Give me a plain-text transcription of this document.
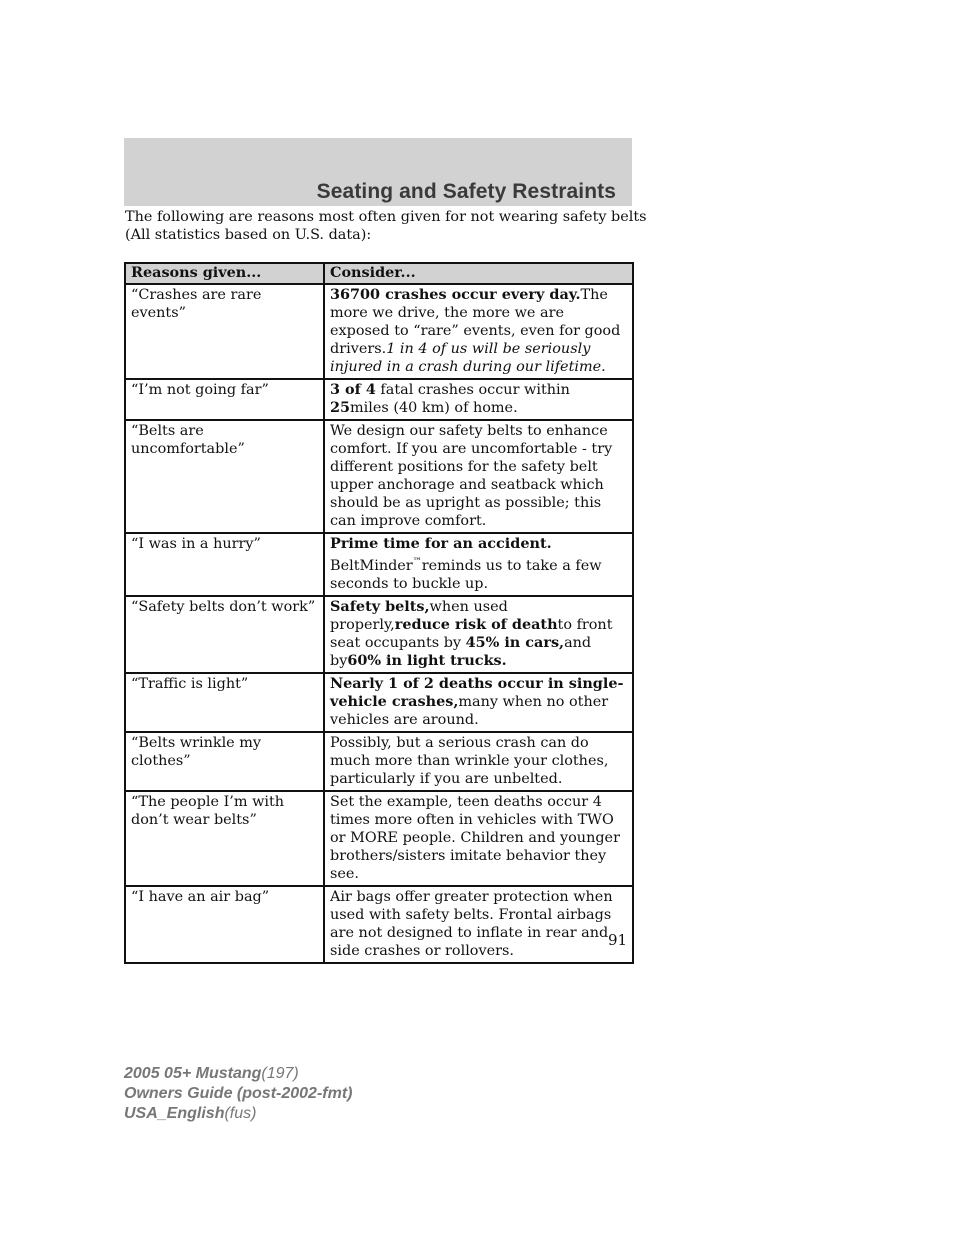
Seating and Safety Restraints

The following are reasons most often given for not wearing safety belts
(All statistics based on U.S. data):

Reasons given...	Consider...
“Crashes are rare events”	36700 crashes occur every day.The more we drive, the more we are exposed to “rare” events, even for good drivers.1 in 4 of us will be seriously injured in a crash during our lifetime.
“I’m not going far”	3 of 4 fatal crashes occur within 25miles (40 km) of home.
“Belts are uncomfortable”	We design our safety belts to enhance comfort. If you are uncomfortable - try different positions for the safety belt upper anchorage and seatback which should be as upright as possible; this can improve comfort.
“I was in a hurry”	Prime time for an accident.
BeltMinder™reminds us to take a few seconds to buckle up.
“Safety belts don’t work”	Safety belts,when used properly,reduce risk of deathto front seat occupants by 45% in cars,and by60% in light trucks.
“Traffic is light”	Nearly 1 of 2 deaths occur in single-vehicle crashes,many when no other vehicles are around.
“Belts wrinkle my clothes”	Possibly, but a serious crash can do much more than wrinkle your clothes, particularly if you are unbelted.
“The people I’m with don’t wear belts”	Set the example, teen deaths occur 4 times more often in vehicles with TWO or MORE people. Children and younger brothers/sisters imitate behavior they see.
“I have an air bag”	Air bags offer greater protection when used with safety belts. Frontal airbags are not designed to inflate in rear and side crashes or rollovers.
91
2005 05+ Mustang(197)
Owners Guide (post-2002-fmt)
USA_English(fus)
